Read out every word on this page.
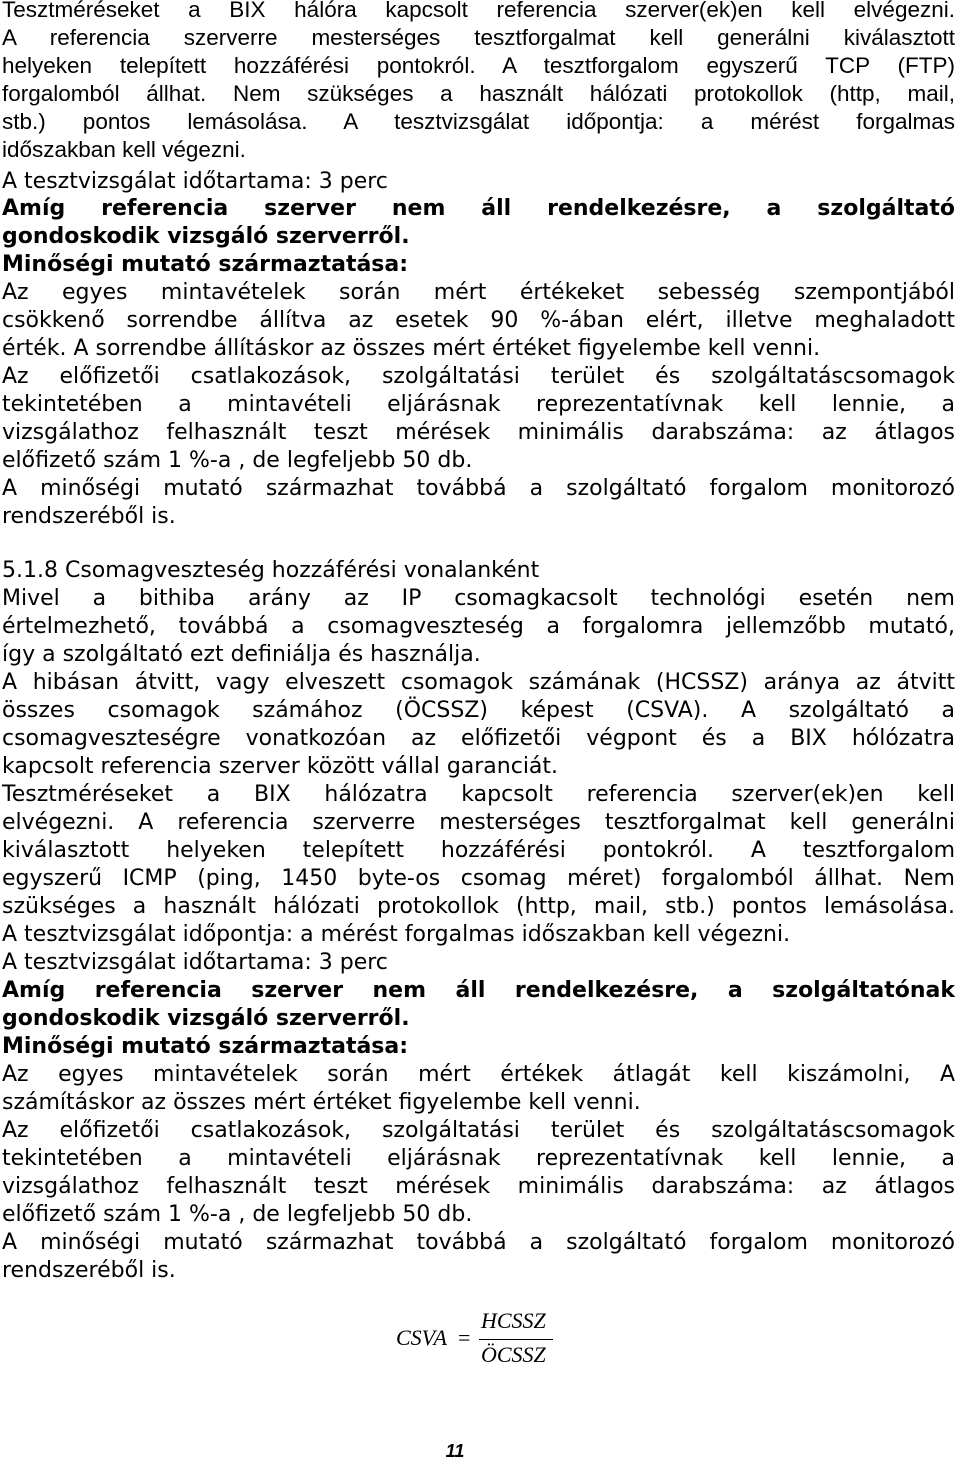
Tesztméréseket a BIX hálóra kapcsolt referencia szerver(ek)en kell elvégezni.
A referencia szerverre mesterséges tesztforgalmat kell generálni kiválasztott
helyeken telepített hozzáférési pontokról. A tesztforgalom egyszerű TCP (FTP)
forgalomból állhat. Nem szükséges a használt hálózati protokollok (http, mail,
stb.) pontos lemásolása. A tesztvizsgálat időpontja: a mérést forgalmas
időszakban kell végezni.
A tesztvizsgálat időtartama: 3 perc
Amíg referencia szerver nem áll rendelkezésre, a szolgáltató
gondoskodik vizsgáló szerverről.
Minőségi mutató származtatása:
Az egyes mintavételek során mért értékeket sebesség szempontjából
csökkenő sorrendbe állítva az esetek 90 %-ában elért, illetve meghaladott
érték. A sorrendbe állításkor az összes mért értéket figyelembe kell venni.
Az előfizetői csatlakozások, szolgáltatási terület és szolgáltatáscsomagok
tekintetében a mintavételi eljárásnak reprezentatívnak kell lennie, a
vizsgálathoz felhasznált teszt mérések minimális darabszáma: az átlagos
előfizető szám 1 %-a , de legfeljebb 50 db.
A minőségi mutató származhat továbbá a szolgáltató forgalom monitorozó
rendszeréből is.
5.1.8 Csomagveszteség hozzáférési vonalanként
Mivel a bithiba arány az IP csomagkacsolt technológi esetén nem
értelmezhető, továbbá a csomagveszteség a forgalomra jellemzőbb mutató,
így a szolgáltató ezt definiálja és használja.
A hibásan átvitt, vagy elveszett csomagok számának (HCSSZ) aránya az átvitt
összes csomagok számához (ÖCSSZ) képest (CSVA). A szolgáltató a
csomagveszteségre vonatkozóan az előfizetői végpont és a BIX hólózatra
kapcsolt referencia szerver között vállal garanciát.
Tesztméréseket a BIX hálózatra kapcsolt referencia szerver(ek)en kell
elvégezni. A referencia szerverre mesterséges tesztforgalmat kell generálni
kiválasztott helyeken telepített hozzáférési pontokról. A tesztforgalom
egyszerű ICMP (ping, 1450 byte-os csomag méret) forgalomból állhat. Nem
szükséges a használt hálózati protokollok (http, mail, stb.) pontos lemásolása.
A tesztvizsgálat időpontja: a mérést forgalmas időszakban kell végezni.
A tesztvizsgálat időtartama: 3 perc
Amíg referencia szerver nem áll rendelkezésre, a szolgáltatónak
gondoskodik vizsgáló szerverről.
Minőségi mutató származtatása:
Az egyes mintavételek során mért értékek átlagát kell kiszámolni, A
számításkor az összes mért értéket figyelembe kell venni.
Az előfizetői csatlakozások, szolgáltatási terület és szolgáltatáscsomagok
tekintetében a mintavételi eljárásnak reprezentatívnak kell lennie, a
vizsgálathoz felhasznált teszt mérések minimális darabszáma: az átlagos
előfizető szám 1 %-a , de legfeljebb 50 db.
A minőségi mutató származhat továbbá a szolgáltató forgalom monitorozó
rendszeréből is.
CSVA =
HCSSZ
ÖCSSZ
11
